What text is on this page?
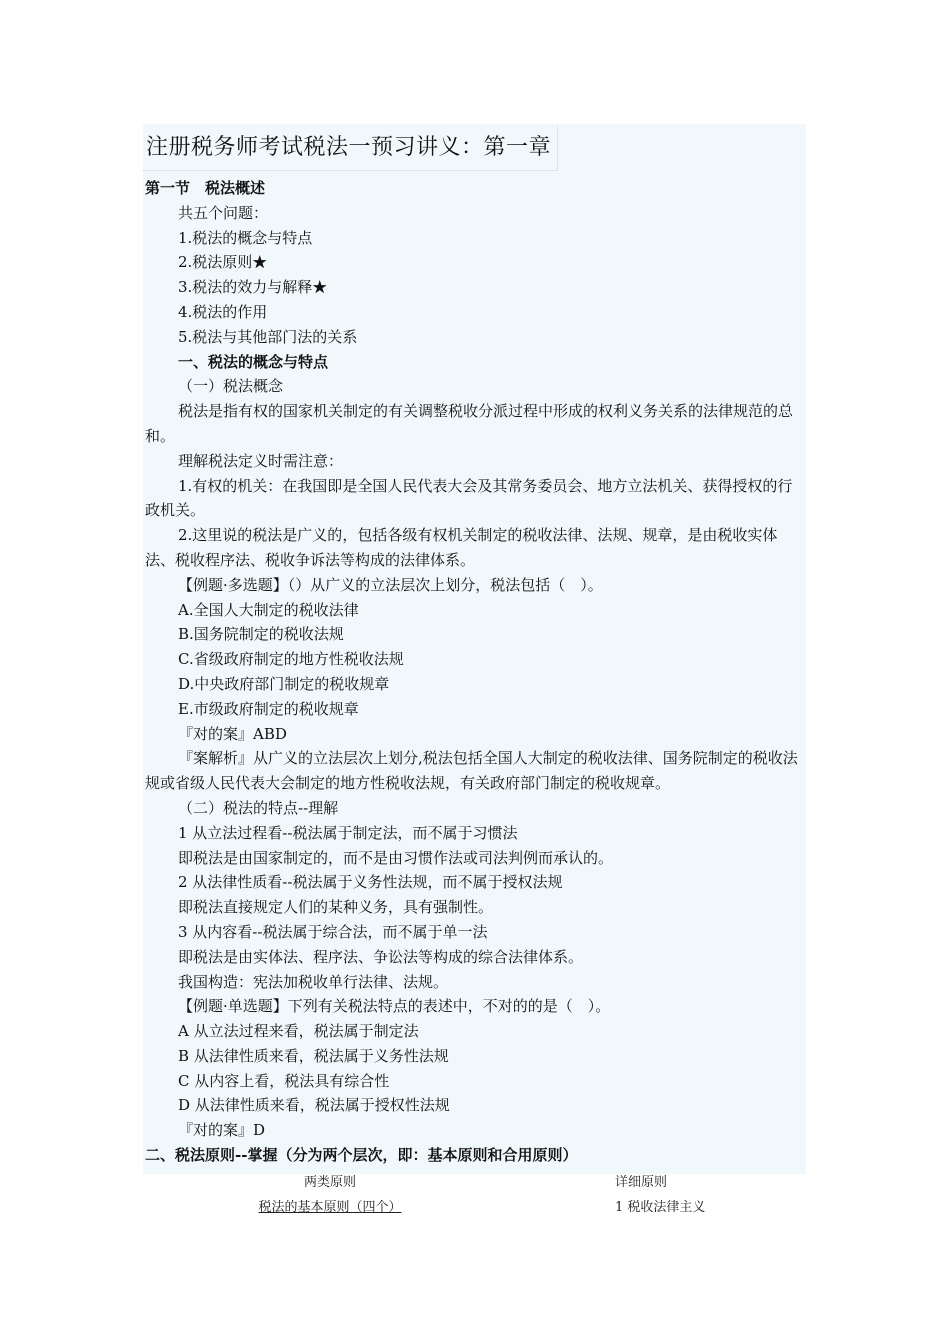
注册税务师考试税法一预习讲义：第一章
第一节　税法概述
共五个问题：
1.税法的概念与特点
2.税法原则★
3.税法的效力与解释★
4.税法的作用
5.税法与其他部门法的关系
一、税法的概念与特点
（一）税法概念
税法是指有权的国家机关制定的有关调整税收分派过程中形成的权利义务关系的法律规范的总和。
理解税法定义时需注意：
1.有权的机关：在我国即是全国人民代表大会及其常务委员会、地方立法机关、获得授权的行政机关。
2.这里说的税法是广义的，包括各级有权机关制定的税收法律、法规、规章，是由税收实体法、税收程序法、税收争诉法等构成的法律体系。
【例题·多选题】（）从广义的立法层次上划分，税法包括（　）。
A.全国人大制定的税收法律
B.国务院制定的税收法规
C.省级政府制定的地方性税收法规
D.中央政府部门制定的税收规章
E.市级政府制定的税收规章
『对的案』ABD
『案解析』从广义的立法层次上划分,税法包括全国人大制定的税收法律、国务院制定的税收法规或省级人民代表大会制定的地方性税收法规，有关政府部门制定的税收规章。
（二）税法的特点--理解
1 从立法过程看--税法属于制定法，而不属于习惯法
即税法是由国家制定的，而不是由习惯作法或司法判例而承认的。
2 从法律性质看--税法属于义务性法规，而不属于授权法规
即税法直接规定人们的某种义务，具有强制性。
3 从内容看--税法属于综合法，而不属于单一法
即税法是由实体法、程序法、争讼法等构成的综合法律体系。
我国构造：宪法加税收单行法律、法规。
【例题·单选题】下列有关税法特点的表述中，不对的的是（　）。
A 从立法过程来看，税法属于制定法
B 从法律性质来看，税法属于义务性法规
C 从内容上看，税法具有综合性
D 从法律性质来看，税法属于授权性法规
『对的案』D
二、税法原则--掌握（分为两个层次，即：基本原则和合用原则）
两类原则	详细原则
税法的基本原则（四个）	1 税收法律主义
